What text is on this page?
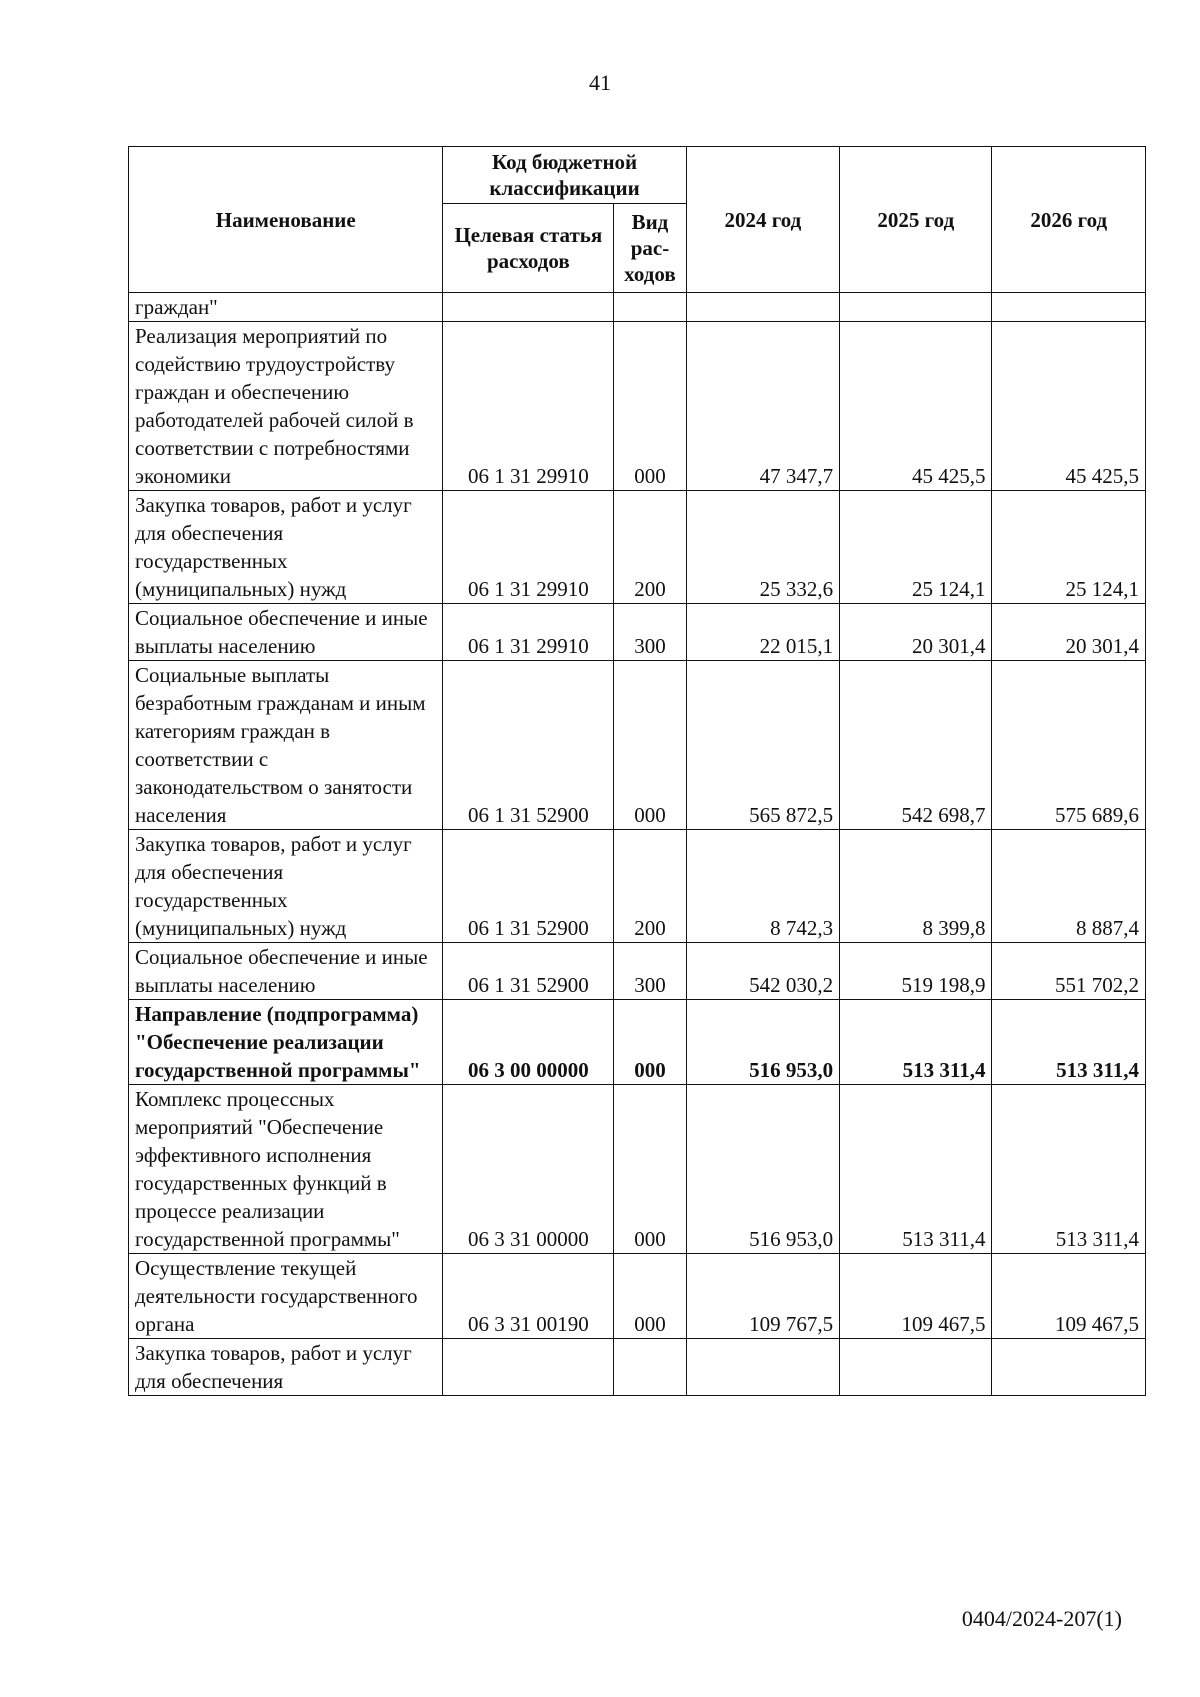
41
Наименование	Код бюджетной классификации		2024 год	2025 год	2026 год
	Целевая статья расходов	Вид рас-ходов			
граждан"					
Реализация мероприятий по содействию трудоустройству граждан и обеспечению работодателей рабочей силой в соответствии с потребностями экономики	06 1 31 29910	000	47 347,7	45 425,5	45 425,5
Закупка товаров, работ и услуг для обеспечения государственных (муниципальных) нужд	06 1 31 29910	200	25 332,6	25 124,1	25 124,1
Социальное обеспечение и иные выплаты населению	06 1 31 29910	300	22 015,1	20 301,4	20 301,4
Социальные выплаты безработным гражданам и иным категориям граждан в соответствии с законодательством о занятости населения	06 1 31 52900	000	565 872,5	542 698,7	575 689,6
Закупка товаров, работ и услуг для обеспечения государственных (муниципальных) нужд	06 1 31 52900	200	8 742,3	8 399,8	8 887,4
Социальное обеспечение и иные выплаты населению	06 1 31 52900	300	542 030,2	519 198,9	551 702,2
Направление (подпрограмма) "Обеспечение реализации государственной программы"	06 3 00 00000	000	516 953,0	513 311,4	513 311,4
Комплекс процессных мероприятий "Обеспечение эффективного исполнения государственных функций в процессе реализации государственной программы"	06 3 31 00000	000	516 953,0	513 311,4	513 311,4
Осуществление текущей деятельности государственного органа	06 3 31 00190	000	109 767,5	109 467,5	109 467,5
Закупка товаров, работ и услуг для обеспечения					
0404/2024-207(1)
